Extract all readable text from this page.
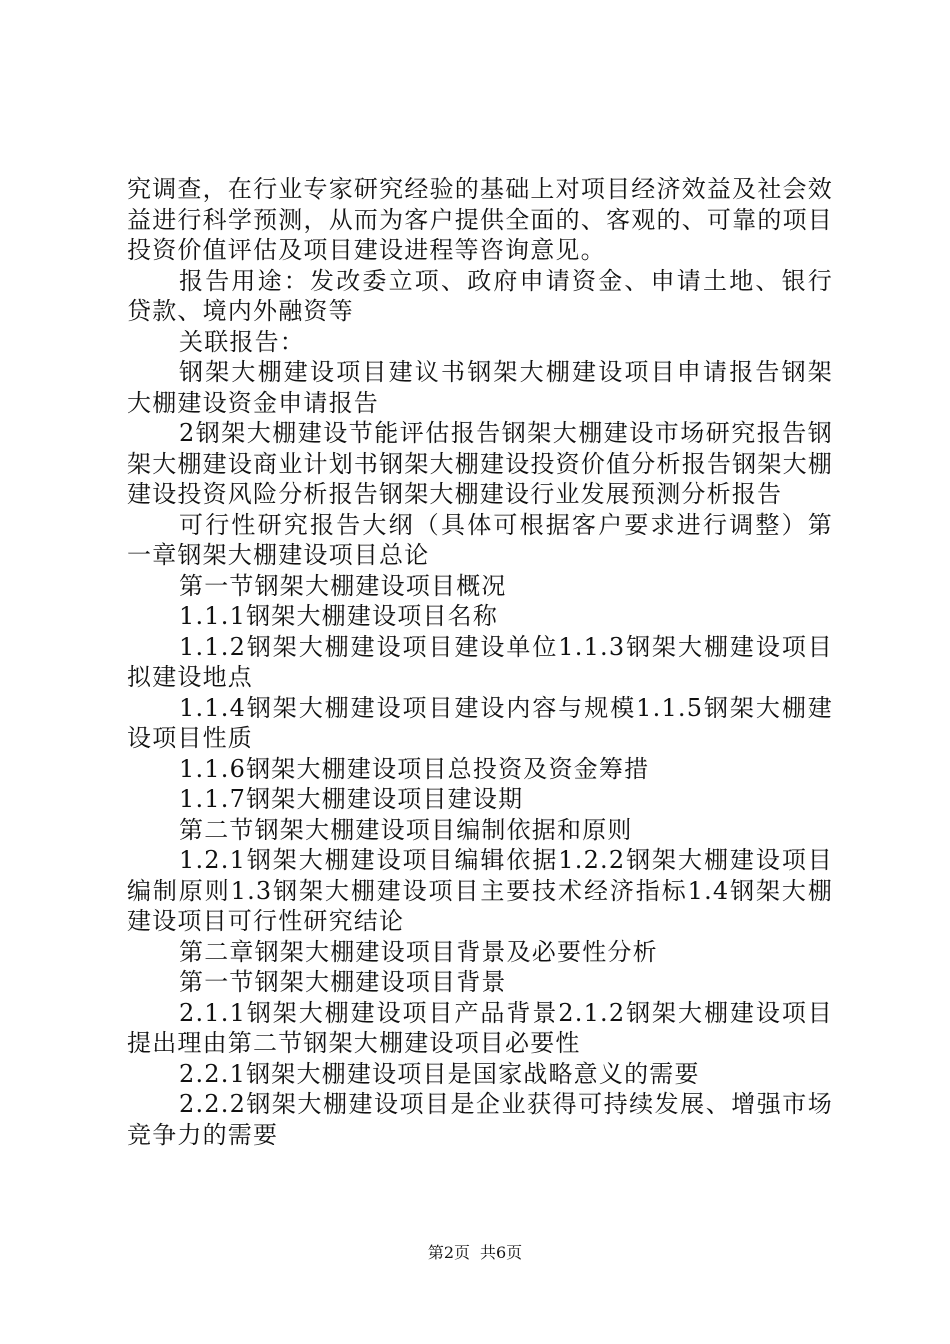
究调查，在行业专家研究经验的基础上对项目经济效益及社会效益进行科学预测，从而为客户提供全面的、客观的、可靠的项目投资价值评估及项目建设进程等咨询意见。

报告用途：发改委立项、政府申请资金、申请土地、银行贷款、境内外融资等

关联报告：

钢架大棚建设项目建议书钢架大棚建设项目申请报告钢架大棚建设资金申请报告

2钢架大棚建设节能评估报告钢架大棚建设市场研究报告钢架大棚建设商业计划书钢架大棚建设投资价值分析报告钢架大棚建设投资风险分析报告钢架大棚建设行业发展预测分析报告

可行性研究报告大纲（具体可根据客户要求进行调整）第一章钢架大棚建设项目总论

第一节钢架大棚建设项目概况

1.1.1钢架大棚建设项目名称

1.1.2钢架大棚建设项目建设单位1.1.3钢架大棚建设项目拟建设地点

1.1.4钢架大棚建设项目建设内容与规模1.1.5钢架大棚建设项目性质

1.1.6钢架大棚建设项目总投资及资金筹措

1.1.7钢架大棚建设项目建设期

第二节钢架大棚建设项目编制依据和原则

1.2.1钢架大棚建设项目编辑依据1.2.2钢架大棚建设项目编制原则1.3钢架大棚建设项目主要技术经济指标1.4钢架大棚建设项目可行性研究结论

第二章钢架大棚建设项目背景及必要性分析

第一节钢架大棚建设项目背景

2.1.1钢架大棚建设项目产品背景2.1.2钢架大棚建设项目提出理由第二节钢架大棚建设项目必要性

2.2.1钢架大棚建设项目是国家战略意义的需要

2.2.2钢架大棚建设项目是企业获得可持续发展、增强市场竞争力的需要

第2页 共6页
